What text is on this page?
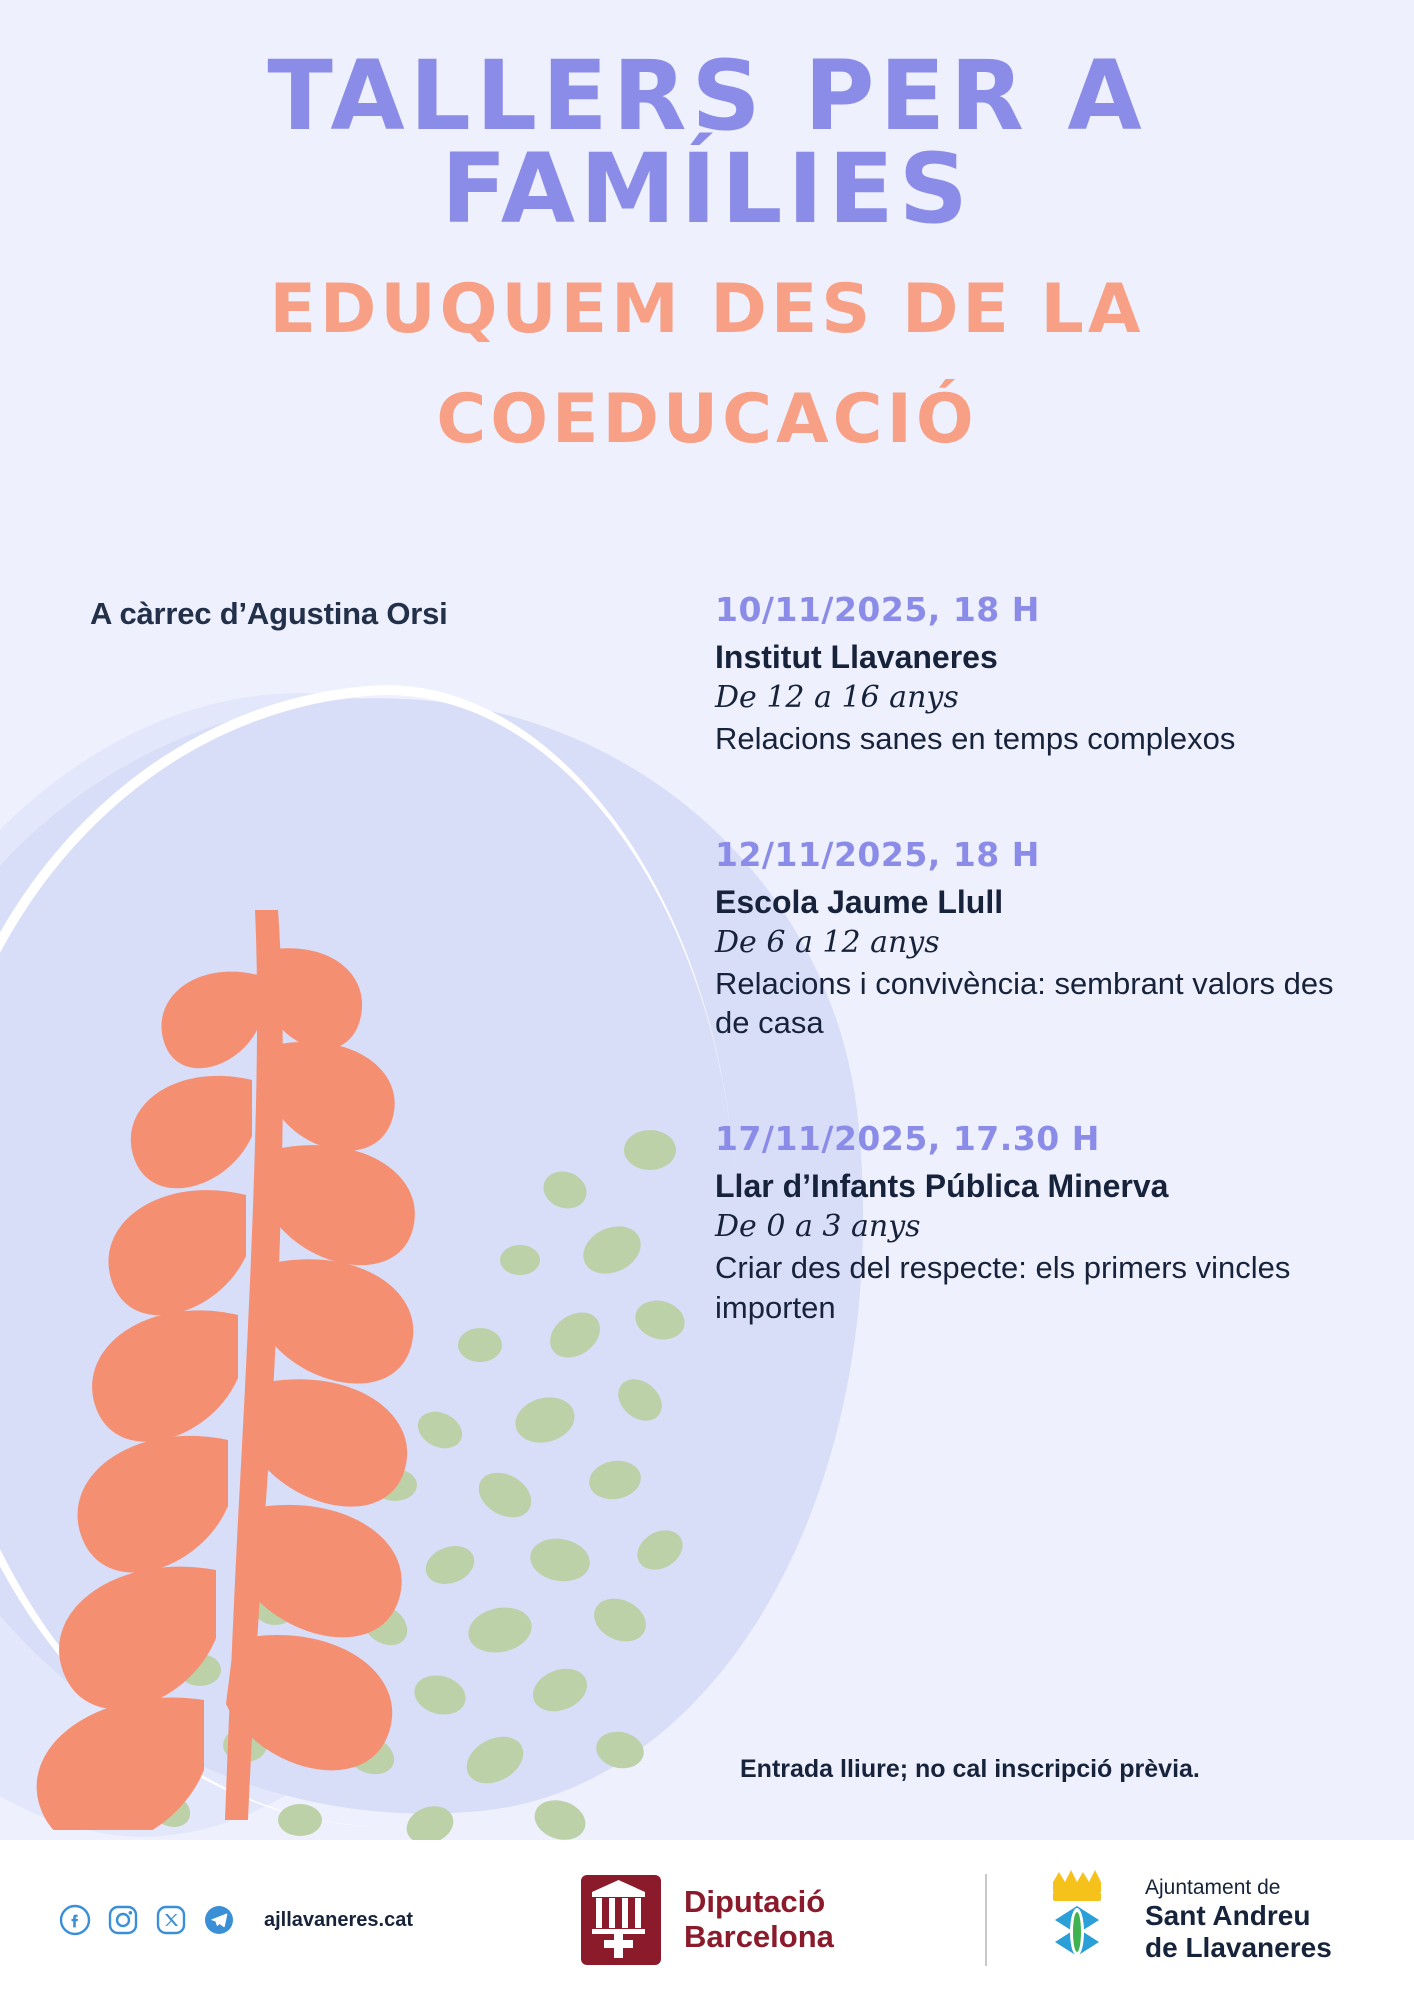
TALLERS PER A
FAMÍLIES
EDUQUEM DES DE LA
COEDUCACIÓ
A càrrec d’Agustina Orsi	10/11/2025, 18 H
Institut Llavaneres
De 12 a 16 anys
Relacions sanes en temps complexos
12/11/2025, 18 H
Escola Jaume Llull
De 6 a 12 anys
Relacions i convivència: sembrant valors des de casa
17/11/2025, 17.30 H
Llar d’Infants Pública Minerva
De 0 a 3 anys
Criar des del respecte: els primers vincles importen
Entrada lliure; no cal inscripció prèvia.
ajllavaneres.cat
Diputació
Barcelona
Ajuntament de
Sant Andreu
de Llavaneres
